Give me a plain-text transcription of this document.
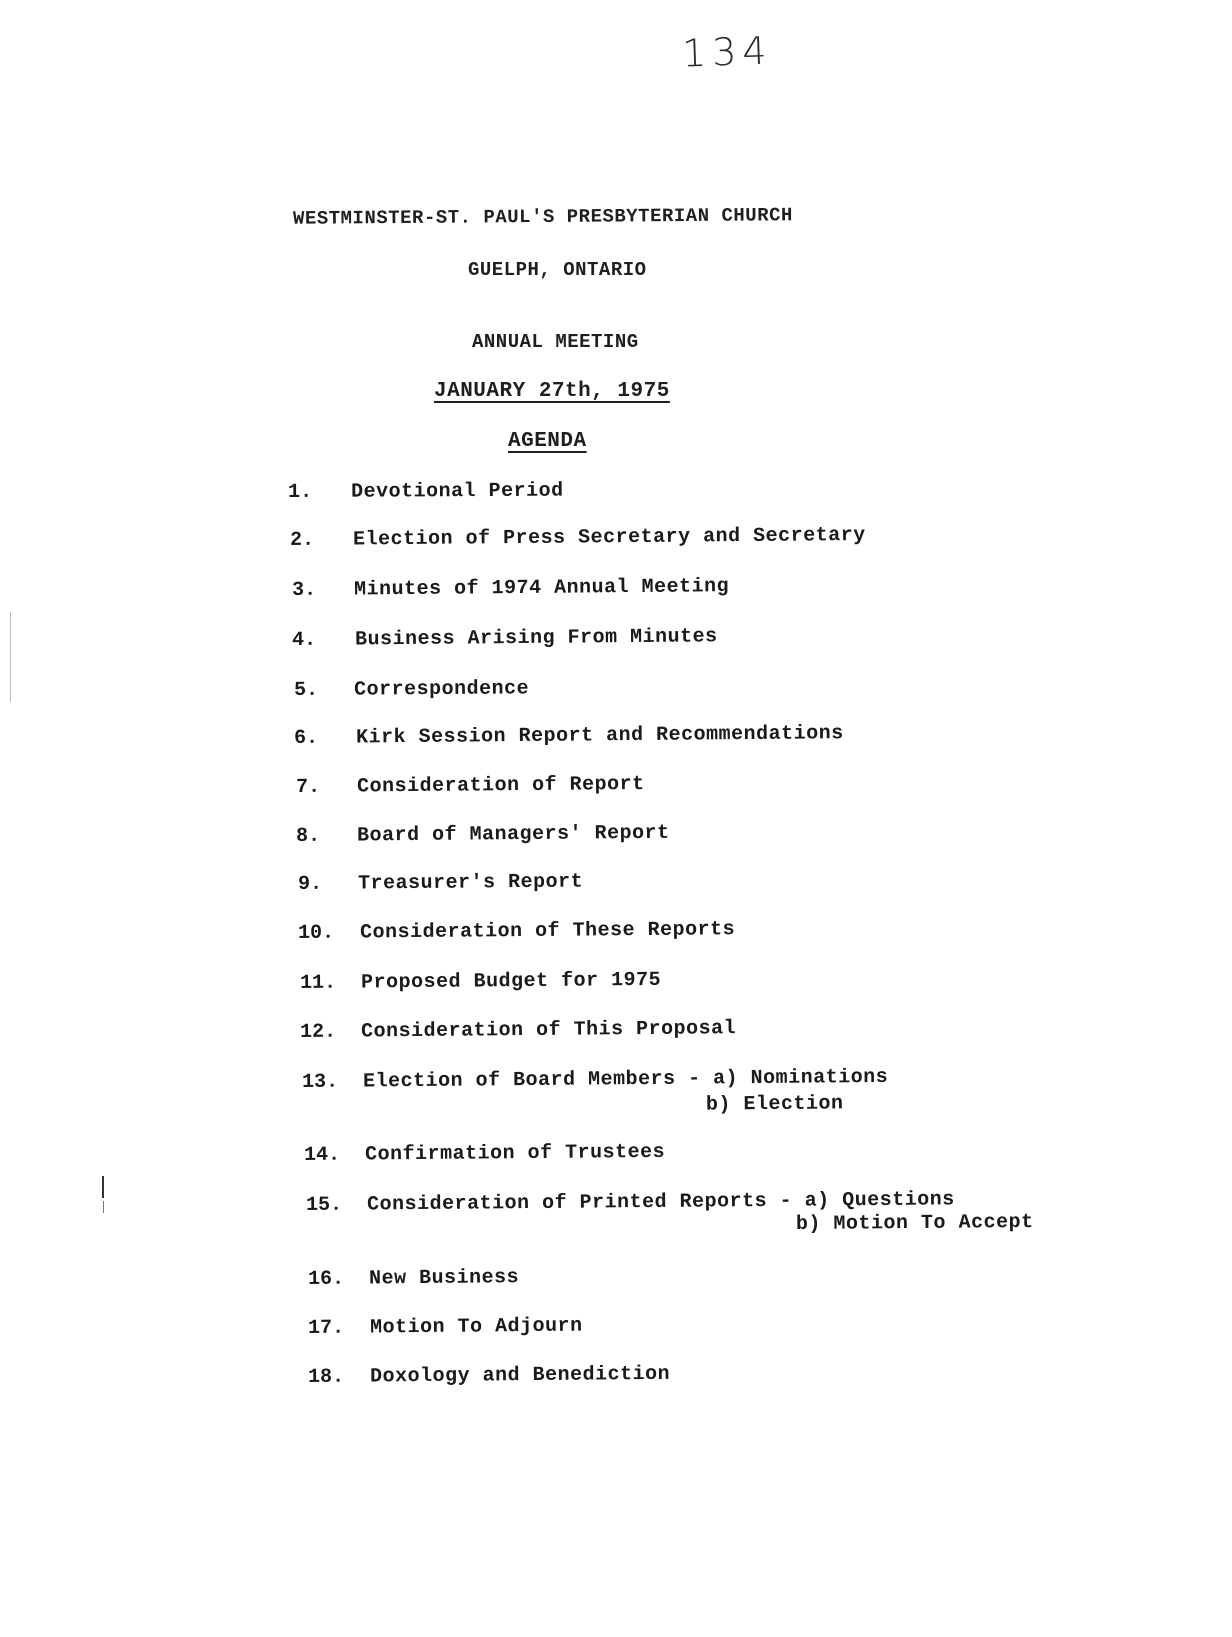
134
WESTMINSTER-ST. PAUL'S PRESBYTERIAN CHURCH
GUELPH, ONTARIO
ANNUAL MEETING
JANUARY 27th, 1975
AGENDA
1. Devotional Period
2. Election of Press Secretary and Secretary
3. Minutes of 1974 Annual Meeting
4. Business Arising From Minutes
5. Correspondence
6. Kirk Session Report and Recommendations
7. Consideration of Report
8. Board of Managers' Report
9. Treasurer's Report
10. Consideration of These Reports
11. Proposed Budget for 1975
12. Consideration of This Proposal
13. Election of Board Members - a) Nominations
b) Election
14. Confirmation of Trustees
15. Consideration of Printed Reports - a) Questions
b) Motion To Accept
16. New Business
17. Motion To Adjourn
18. Doxology and Benediction
